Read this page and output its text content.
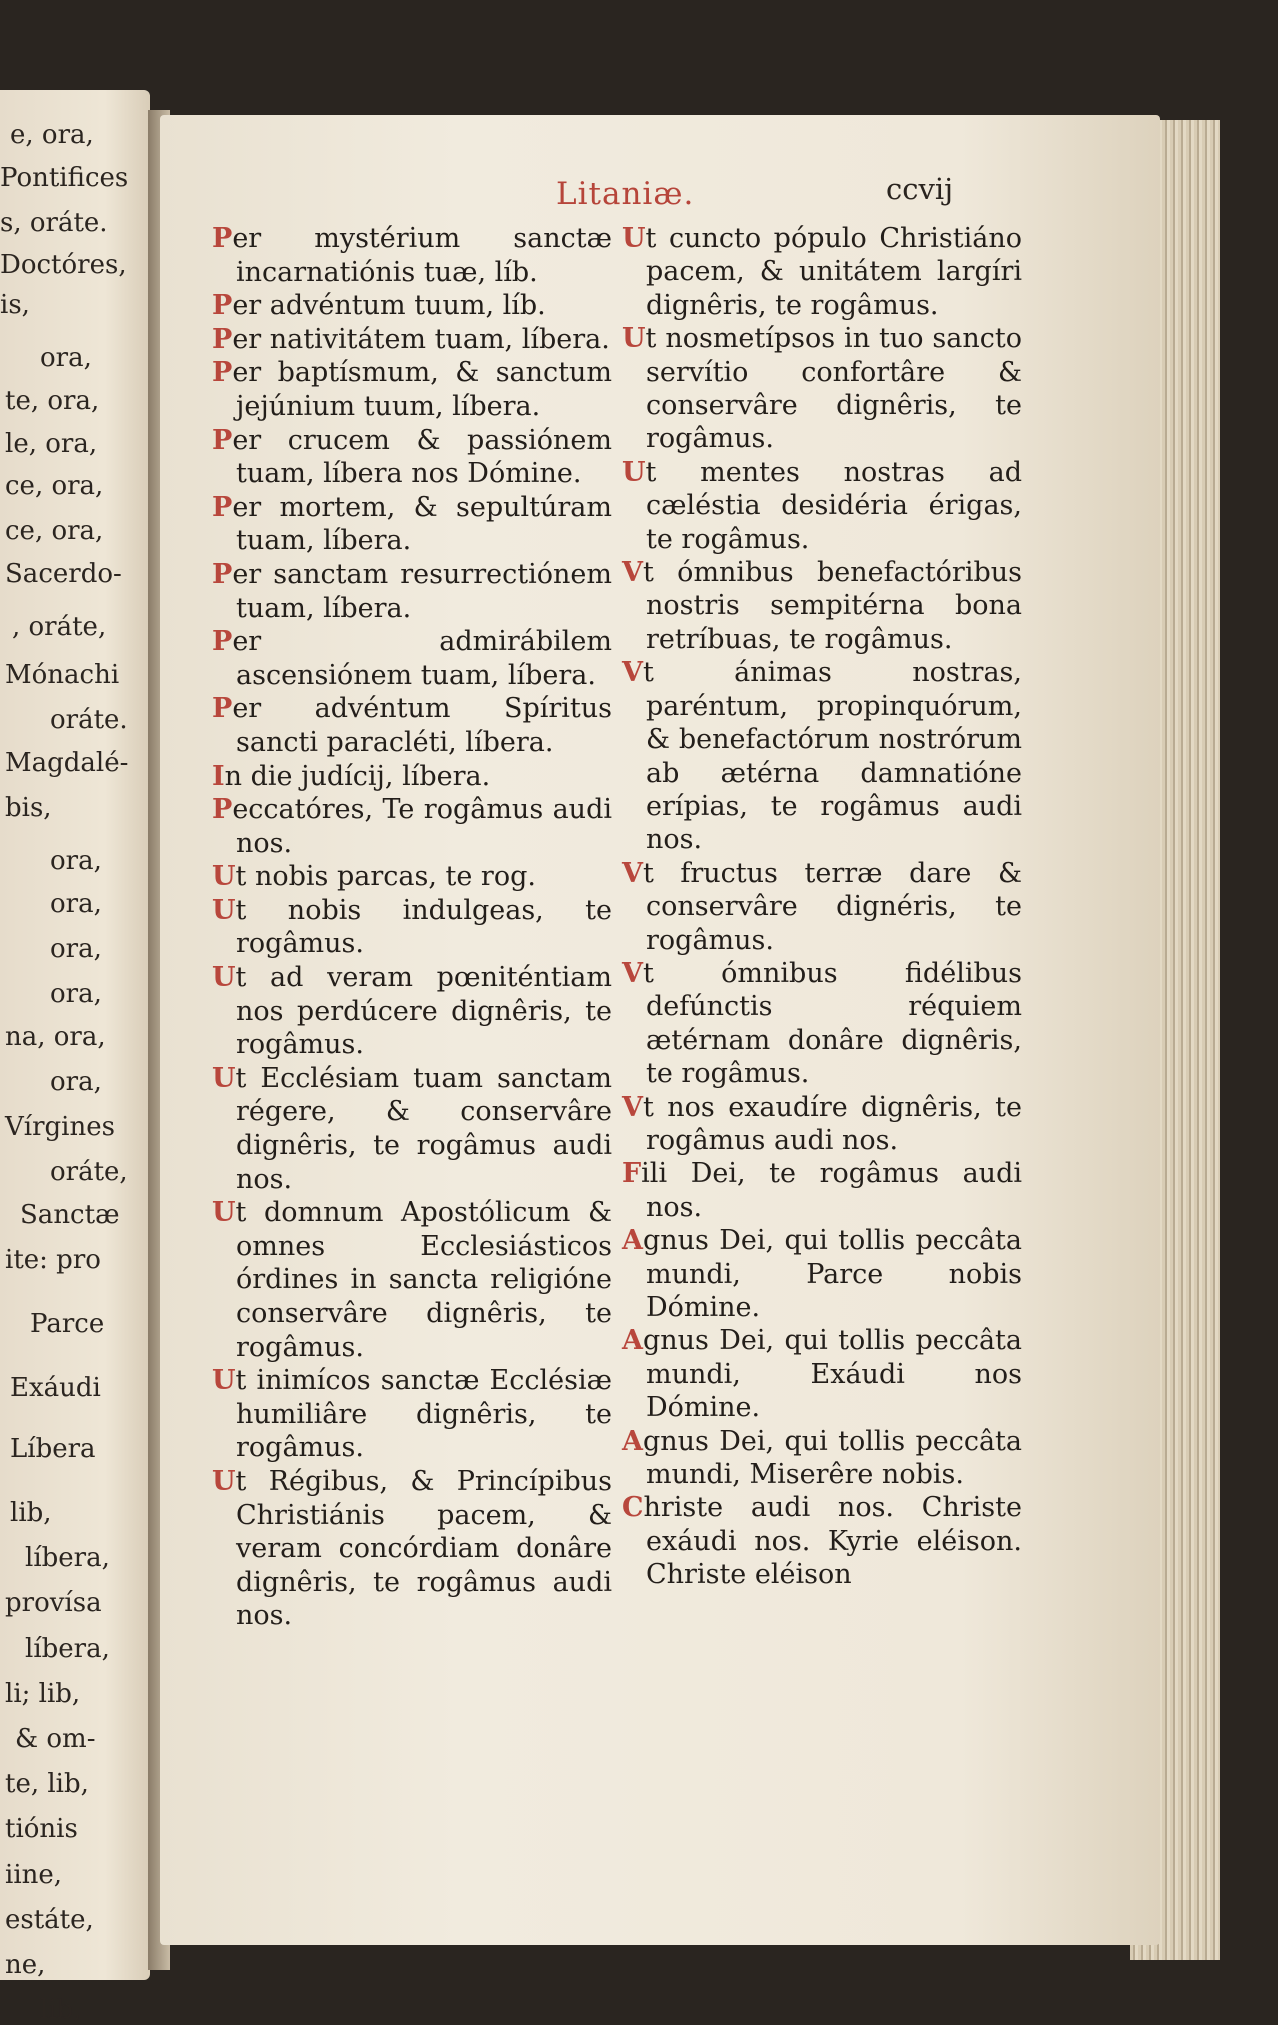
e, ora,
Pontifices
s, oráte.
Doctóres,
is,
ora,
te, ora,
le, ora,
ce, ora,
ce, ora,
Sacerdo-
, oráte,
Mónachi
oráte.
Magdalé-
bis,
ora,
ora,
ora,
ora,
na, ora,
ora,
Vírgines
oráte,
Sanctæ
ite: pro
Parce
Exáudi
Líbera
lib,
líbera,
provísa
líbera,
li; lib,
& om-
te, lib,
tiónis
iine,
estáte,
ne,
lib,
Litaniæ.	ccvij

Per mystérium sanctæ incarnatiónis tuæ, líb.

Per advéntum tuum, líb.

Per nativitátem tuam, líbera.

Per baptísmum, & sanctum jejúnium tuum, líbera.

Per crucem & passiónem tuam, líbera nos Dómine.

Per mortem, & sepultúram tuam, líbera.

Per sanctam resurrectiónem tuam, líbera.

Per admirábilem ascensiónem tuam, líbera.

Per advéntum Spíritus sancti paracléti, líbera.

In die judícij, líbera.

Peccatóres, Te rogâmus audi nos.

Ut nobis parcas, te rog.

Ut nobis indulgeas, te rogâmus.

Ut ad veram pœniténtiam nos perdúcere dignêris, te rogâmus.

Ut Ecclésiam tuam sanctam régere, & conservâre dignêris, te rogâmus audi nos.

Ut domnum Apostólicum & omnes Ecclesiásticos órdines in sancta religióne conservâre dignêris, te rogâmus.

Ut inimícos sanctæ Ecclésiæ humiliâre dignêris, te rogâmus.

Ut Régibus, & Princípibus Christiánis pacem, & veram concórdiam donâre dignêris, te rogâmus audi nos.

Ut cuncto pópulo Christiáno pacem, & unitátem largíri dignêris, te rogâmus.

Ut nosmetípsos in tuo sancto servítio confortâre & conservâre dignêris, te rogâmus.

Ut mentes nostras ad cæléstia desidéria érigas, te rogâmus.

Vt ómnibus benefactóribus nostris sempitérna bona retríbuas, te rogâmus.

Vt ánimas nostras, paréntum, propinquórum, & benefactórum nostrórum ab ætérna damnatióne erípias, te rogâmus audi nos.

Vt fructus terræ dare & conservâre dignéris, te rogâmus.

Vt ómnibus fidélibus defúnctis réquiem ætérnam donâre dignêris, te rogâmus.

Vt nos exaudíre dignêris, te rogâmus audi nos.

Fili Dei, te rogâmus audi nos.

Agnus Dei, qui tollis peccâta mundi, Parce nobis Dómine.

Agnus Dei, qui tollis peccâta mundi, Exáudi nos Dómine.

Agnus Dei, qui tollis peccâta mundi, Miserêre nobis.

Christe audi nos. Christe exáudi nos. Kyrie eléison. Christe eléison
